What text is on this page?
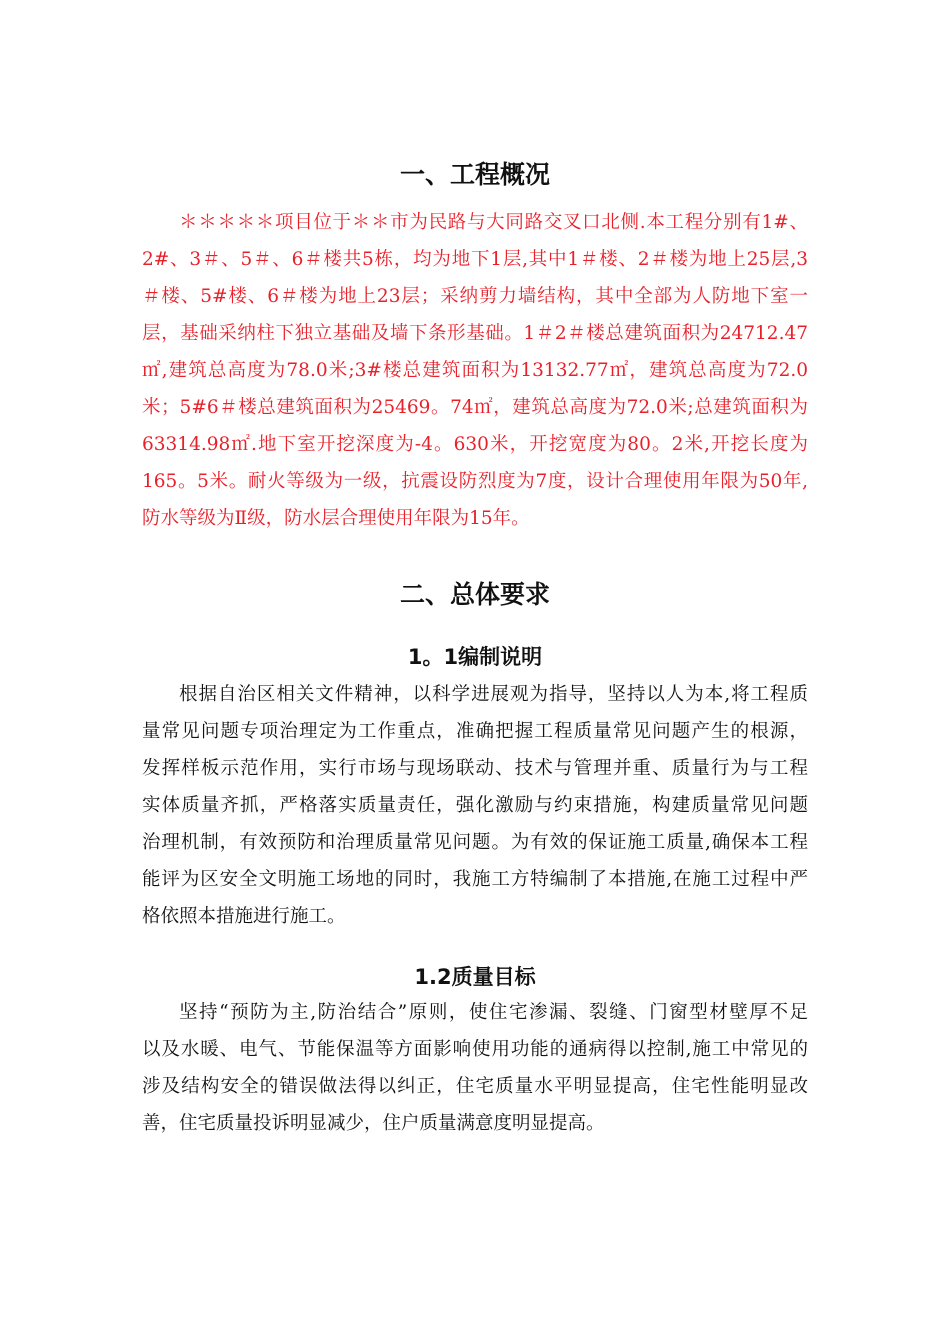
一、工程概况
＊＊＊＊＊项目位于＊＊市为民路与大同路交叉口北侧.本工程分别有1#、
2#、3＃、5＃、6＃楼共5栋，均为地下1层,其中1＃楼、2＃楼为地上25层,3
＃楼、5#楼、6＃楼为地上23层；采纳剪力墙结构，其中全部为人防地下室一
层，基础采纳柱下独立基础及墙下条形基础。1＃2＃楼总建筑面积为24712.47
㎡,建筑总高度为78.0米;3#楼总建筑面积为13132.77㎡，建筑总高度为72.0
米；5#6＃楼总建筑面积为25469。74㎡，建筑总高度为72.0米;总建筑面积为
63314.98㎡.地下室开挖深度为-4。630米，开挖宽度为80。2米,开挖长度为
165。5米。耐火等级为一级，抗震设防烈度为7度，设计合理使用年限为50年,
防水等级为Ⅱ级，防水层合理使用年限为15年。
二、总体要求
1。1编制说明
根据自治区相关文件精神，以科学进展观为指导，坚持以人为本,将工程质
量常见问题专项治理定为工作重点，准确把握工程质量常见问题产生的根源，
发挥样板示范作用，实行市场与现场联动、技术与管理并重、质量行为与工程
实体质量齐抓，严格落实质量责任，强化激励与约束措施，构建质量常见问题
治理机制，有效预防和治理质量常见问题。为有效的保证施工质量,确保本工程
能评为区安全文明施工场地的同时，我施工方特编制了本措施,在施工过程中严
格依照本措施进行施工。
1.2质量目标
坚持“预防为主,防治结合”原则，使住宅渗漏、裂缝、门窗型材壁厚不足
以及水暖、电气、节能保温等方面影响使用功能的通病得以控制,施工中常见的
涉及结构安全的错误做法得以纠正，住宅质量水平明显提高，住宅性能明显改
善，住宅质量投诉明显减少，住户质量满意度明显提高。
